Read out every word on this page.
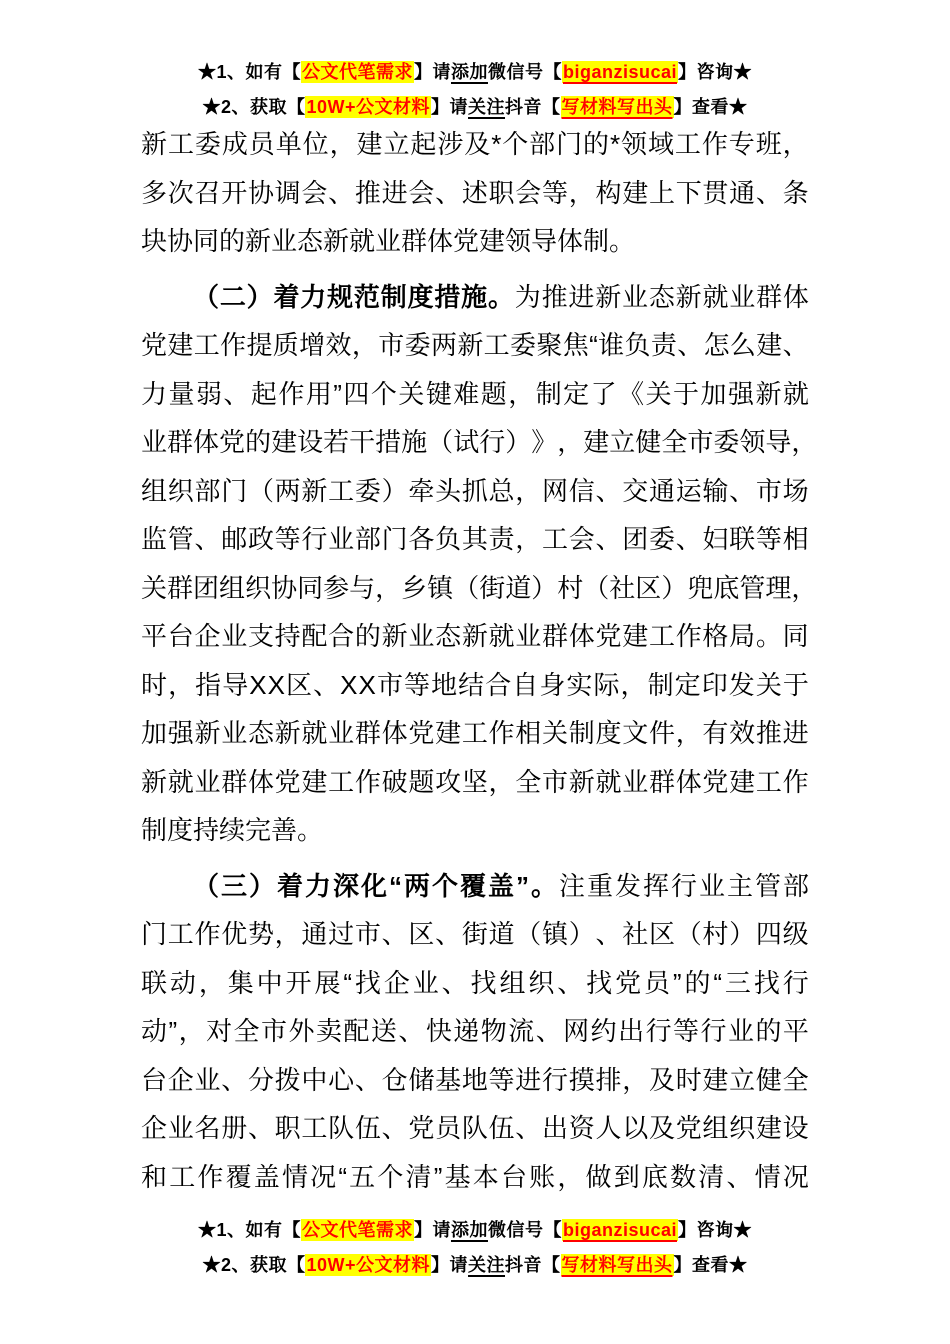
★1、如有【公文代笔需求】请添加微信号【biganzisucai】咨询★
★2、获取【10W+公文材料】请关注抖音【写材料写出头】查看★
新 工 委 成 员 单 位 ， 建 立 起 涉 及 * 个 部 门 的 * 领 域 工 作 专 班 ，
多 次 召 开 协 调 会 、 推 进 会 、 述 职 会 等 ， 构 建 上 下 贯 通 、 条
块协同的新业态新就业群体党建领导体制。
（ 二 ） 着 力 规 范 制 度 措 施 。 为 推 进 新 业 态 新 就 业 群 体
党 建 工 作 提 质 增 效 ， 市 委 两 新 工 委 聚 焦 “ 谁 负 责 、 怎 么 建 、
力 量 弱 、 起 作 用 ” 四 个 关 键 难 题 ， 制 定 了 《 关 于 加 强 新 就
业 群 体 党 的 建 设 若 干 措 施 （ 试 行 ） 》 ， 建 立 健 全 市 委 领 导 ，
组 织 部 门 （ 两 新 工 委 ） 牵 头 抓 总 ， 网 信 、 交 通 运 输 、 市 场
监 管 、 邮 政 等 行 业 部 门 各 负 其 责 ， 工 会 、 团 委 、 妇 联 等 相
关 群 团 组 织 协 同 参 与 ， 乡 镇 （ 街 道 ） 村 （ 社 区 ） 兜 底 管 理 ，
平 台 企 业 支 持 配 合 的 新 业 态 新 就 业 群 体 党 建 工 作 格 局 。 同
时 ， 指 导 X X 区 、 X X 市 等 地 结 合 自 身 实 际 ， 制 定 印 发 关 于
加 强 新 业 态 新 就 业 群 体 党 建 工 作 相 关 制 度 文 件 ， 有 效 推 进
新 就 业 群 体 党 建 工 作 破 题 攻 坚 ， 全 市 新 就 业 群 体 党 建 工 作
制度持续完善。
（ 三 ） 着 力 深 化 “ 两 个 覆 盖 ” 。 注 重 发 挥 行 业 主 管 部
门 工 作 优 势 ， 通 过 市 、 区 、 街 道 （ 镇 ） 、 社 区 （ 村 ） 四 级
联 动 ， 集 中 开 展 “ 找 企 业 、 找 组 织 、 找 党 员 ” 的 “ 三 找 行
动 ” ， 对 全 市 外 卖 配 送 、 快 递 物 流 、 网 约 出 行 等 行 业 的 平
台 企 业 、 分 拨 中 心 、 仓 储 基 地 等 进 行 摸 排 ， 及 时 建 立 健 全
企 业 名 册 、 职 工 队 伍 、 党 员 队 伍 、 出 资 人 以 及 党 组 织 建 设
和 工 作 覆 盖 情 况 “ 五 个 清 ” 基 本 台 账 ， 做 到 底 数 清 、 情 况
★1、如有【公文代笔需求】请添加微信号【biganzisucai】咨询★
★2、获取【10W+公文材料】请关注抖音【写材料写出头】查看★
